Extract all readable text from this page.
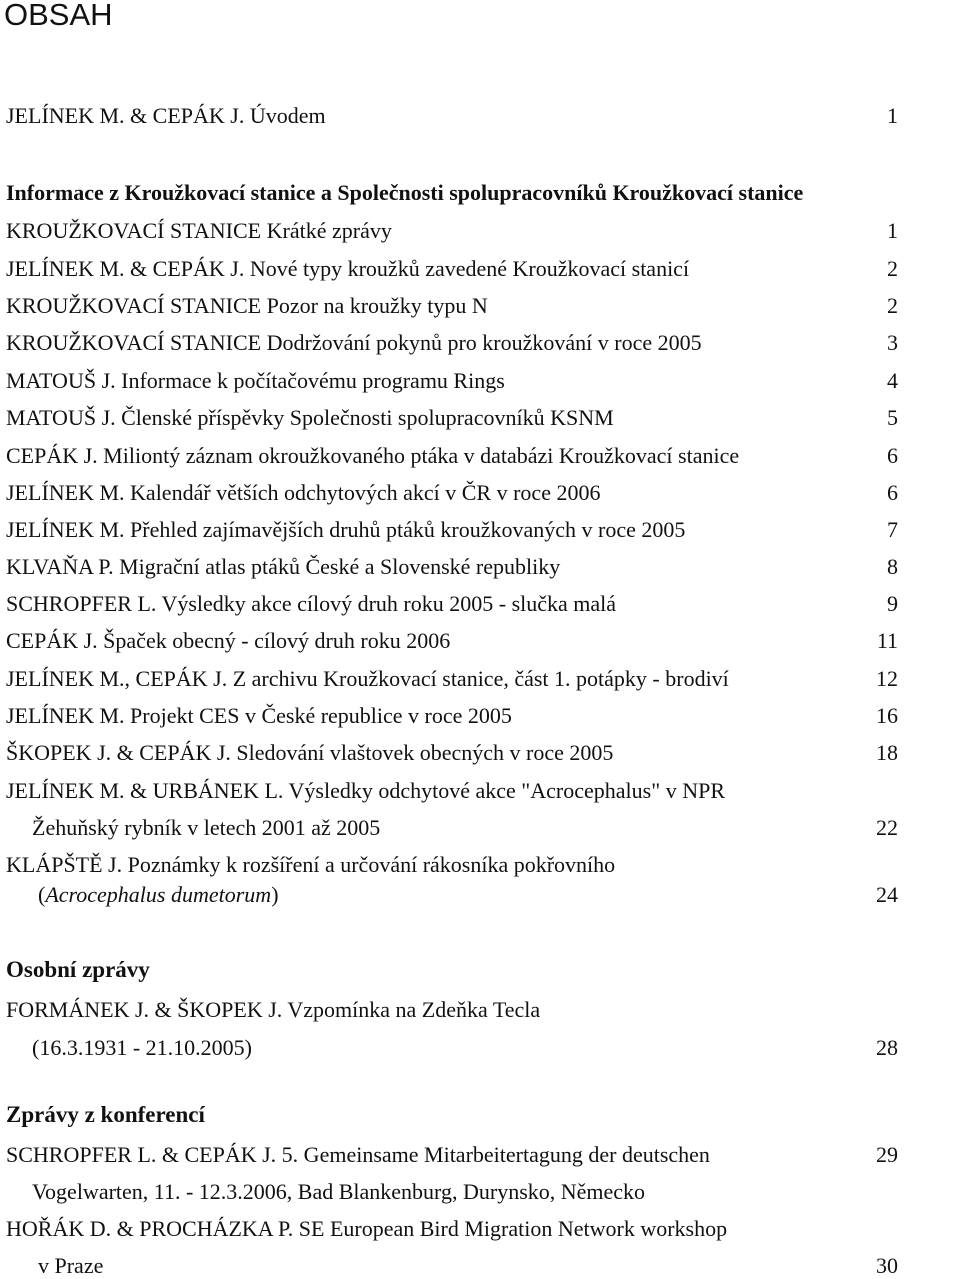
OBSAH
JELÍNEK M. & CEPÁK J. Úvodem	1
Informace z Kroužkovací stanice a Společnosti spolupracovníků Kroužkovací stanice
KROUŽKOVACÍ STANICE Krátké zprávy	1
JELÍNEK M. & CEPÁK J. Nové typy kroužků zavedené Kroužkovací stanicí	2
KROUŽKOVACÍ STANICE Pozor na kroužky typu N	2
KROUŽKOVACÍ STANICE Dodržování pokynů pro kroužkování v roce 2005	3
MATOUŠ J. Informace k počítačovému programu Rings	4
MATOUŠ J. Členské příspěvky Společnosti spolupracovníků KSNM	5
CEPÁK J. Miliontý záznam okroužkovaného ptáka v databázi Kroužkovací stanice	6
JELÍNEK M. Kalendář větších odchytových akcí v ČR v roce 2006	6
JELÍNEK M. Přehled zajímavějších druhů ptáků kroužkovaných v roce 2005	7
KLVAŇA P. Migrační atlas ptáků České a Slovenské republiky	8
SCHROPFER L. Výsledky akce cílový druh roku 2005 - slučka malá	9
CEPÁK J. Špaček obecný - cílový druh roku 2006	11
JELÍNEK M., CEPÁK J. Z archivu Kroužkovací stanice, část 1. potápky - brodiví	12
JELÍNEK M. Projekt CES v České republice v roce 2005	16
ŠKOPEK J. & CEPÁK J. Sledování vlaštovek obecných v roce 2005	18
JELÍNEK M. & URBÁNEK L. Výsledky odchytové akce "Acrocephalus" v NPR
Žehuňský rybník v letech 2001 až 2005	22
KLÁPŠTĚ J. Poznámky k rozšíření a určování rákosníka pokřovního
(Acrocephalus dumetorum)	24
Osobní zprávy
FORMÁNEK J. & ŠKOPEK J. Vzpomínka na Zdeňka Tecla
(16.3.1931 - 21.10.2005)	28
Zprávy z konferencí
SCHROPFER L. & CEPÁK J. 5. Gemeinsame Mitarbeitertagung der deutschen	29
Vogelwarten, 11. - 12.3.2006, Bad Blankenburg, Durynsko, Německo
HOŘÁK D. & PROCHÁZKA P. SE European Bird Migration Network workshop
v Praze	30
